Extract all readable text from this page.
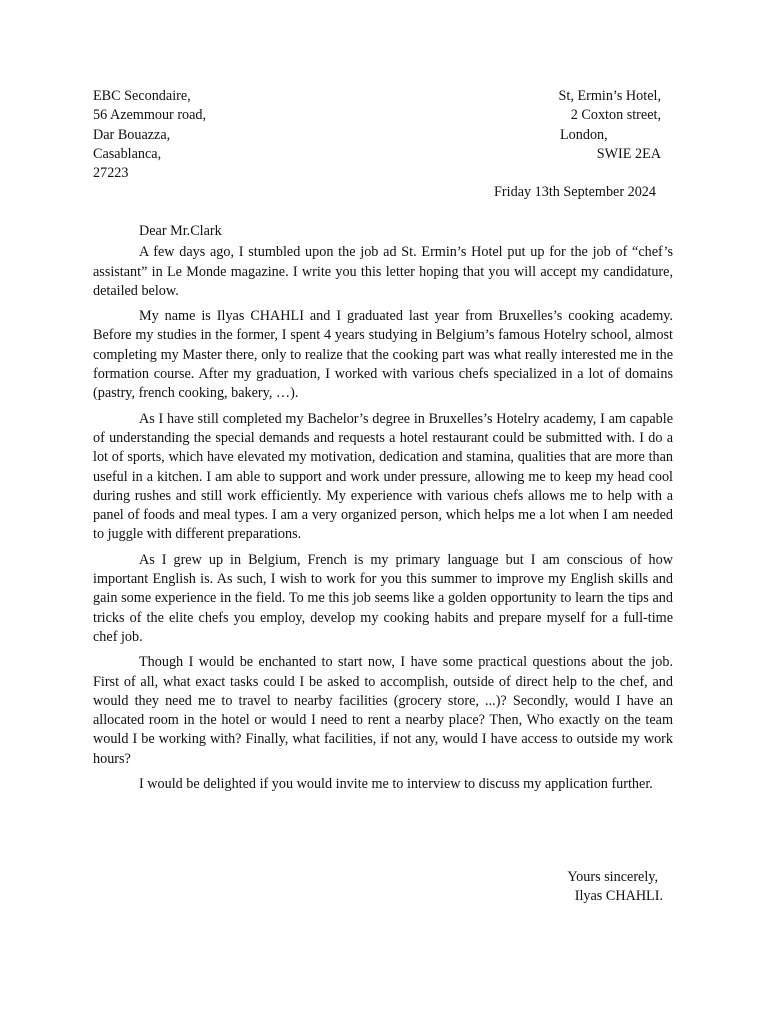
EBC Secondaire,
56 Azemmour road,
Dar Bouazza,
Casablanca,
27223
St, Ermin’s Hotel,
2 Coxton street,
London,
SWIE 2EA
Friday 13th September 2024

Dear Mr.Clark

A few days ago, I stumbled upon the job ad St. Ermin’s Hotel put up for the job of “chef’s assistant” in Le Monde magazine. I write you this letter hoping that you will accept my candidature, detailed below.

My name is Ilyas CHAHLI and I graduated last year from Bruxelles’s cooking academy. Before my studies in the former, I spent 4 years studying in Belgium’s famous Hotelry school, almost completing my Master there, only to realize that the cooking part was what really interested me in the formation course. After my graduation, I worked with various chefs specialized in a lot of domains (pastry, french cooking, bakery, …).

As I have still completed my Bachelor’s degree in Bruxelles’s Hotelry academy, I am capable of understanding the special demands and requests a hotel restaurant could be submitted with. I do a lot of sports, which have elevated my motivation, dedication and stamina, qualities that are more than useful in a kitchen. I am able to support and work under pressure, allowing me to keep my head cool during rushes and still work efficiently. My experience with various chefs allows me to help with a panel of foods and meal types. I am a very organized person, which helps me a lot when I am needed to juggle with different preparations.

As I grew up in Belgium, French is my primary language but I am conscious of how important English is. As such, I wish to work for you this summer to improve my English skills and gain some experience in the field. To me this job seems like a golden opportunity to learn the tips and tricks of the elite chefs you employ, develop my cooking habits and prepare myself for a full-time chef job.

Though I would be enchanted to start now, I have some practical questions about the job. First of all, what exact tasks could I be asked to accomplish, outside of direct help to the chef, and would they need me to travel to nearby facilities (grocery store, ...)? Secondly, would I have an allocated room in the hotel or would I need to rent a nearby place? Then, Who exactly on the team would I be working with? Finally, what facilities, if not any, would I have access to outside my work hours?

I would be delighted if you would invite me to interview to discuss my application further.

Yours sincerely,
Ilyas CHAHLI.
